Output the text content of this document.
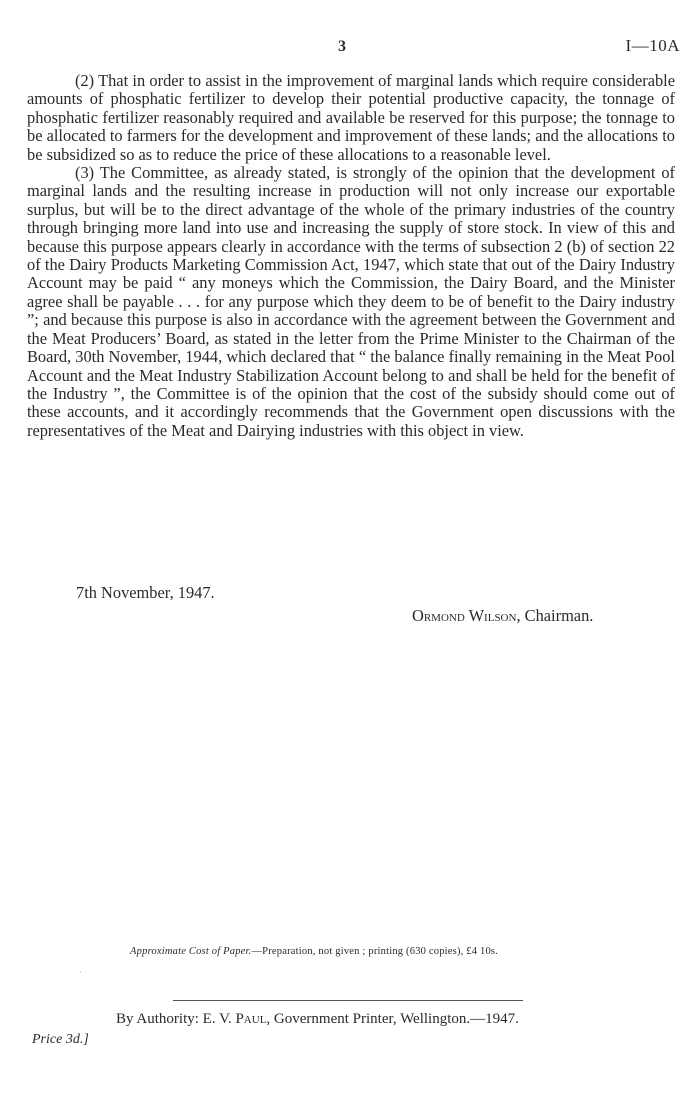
3	I—10A

(2) That in order to assist in the improvement of marginal lands which require considerable amounts of phosphatic fertilizer to develop their potential productive capacity, the tonnage of phosphatic fertilizer reasonably required and available be reserved for this purpose; the tonnage to be allocated to farmers for the development and improvement of these lands; and the allocations to be subsidized so as to reduce the price of these allocations to a reasonable level.

(3) The Committee, as already stated, is strongly of the opinion that the development of marginal lands and the resulting increase in production will not only increase our exportable surplus, but will be to the direct advantage of the whole of the primary industries of the country through bringing more land into use and increasing the supply of store stock. In view of this and because this purpose appears clearly in accordance with the terms of subsection 2 (b) of section 22 of the Dairy Products Marketing Commission Act, 1947, which state that out of the Dairy Industry Account may be paid “ any moneys which the Commission, the Dairy Board, and the Minister agree shall be payable . . . for any purpose which they deem to be of benefit to the Dairy industry ”; and because this purpose is also in accordance with the agreement between the Government and the Meat Producers’ Board, as stated in the letter from the Prime Minister to the Chairman of the Board, 30th November, 1944, which declared that “ the balance finally remaining in the Meat Pool Account and the Meat Industry Stabilization Account belong to and shall be held for the benefit of the Industry ”, the Committee is of the opinion that the cost of the subsidy should come out of these accounts, and it accordingly recommends that the Government open discussions with the representatives of the Meat and Dairying industries with this object in view.

7th November, 1947.
Ormond Wilson, Chairman.
Approximate Cost of Paper.—Preparation, not given ; printing (630 copies), £4 10s.
·
By Authority: E. V. Paul, Government Printer, Wellington.—1947.
Price 3d.]
